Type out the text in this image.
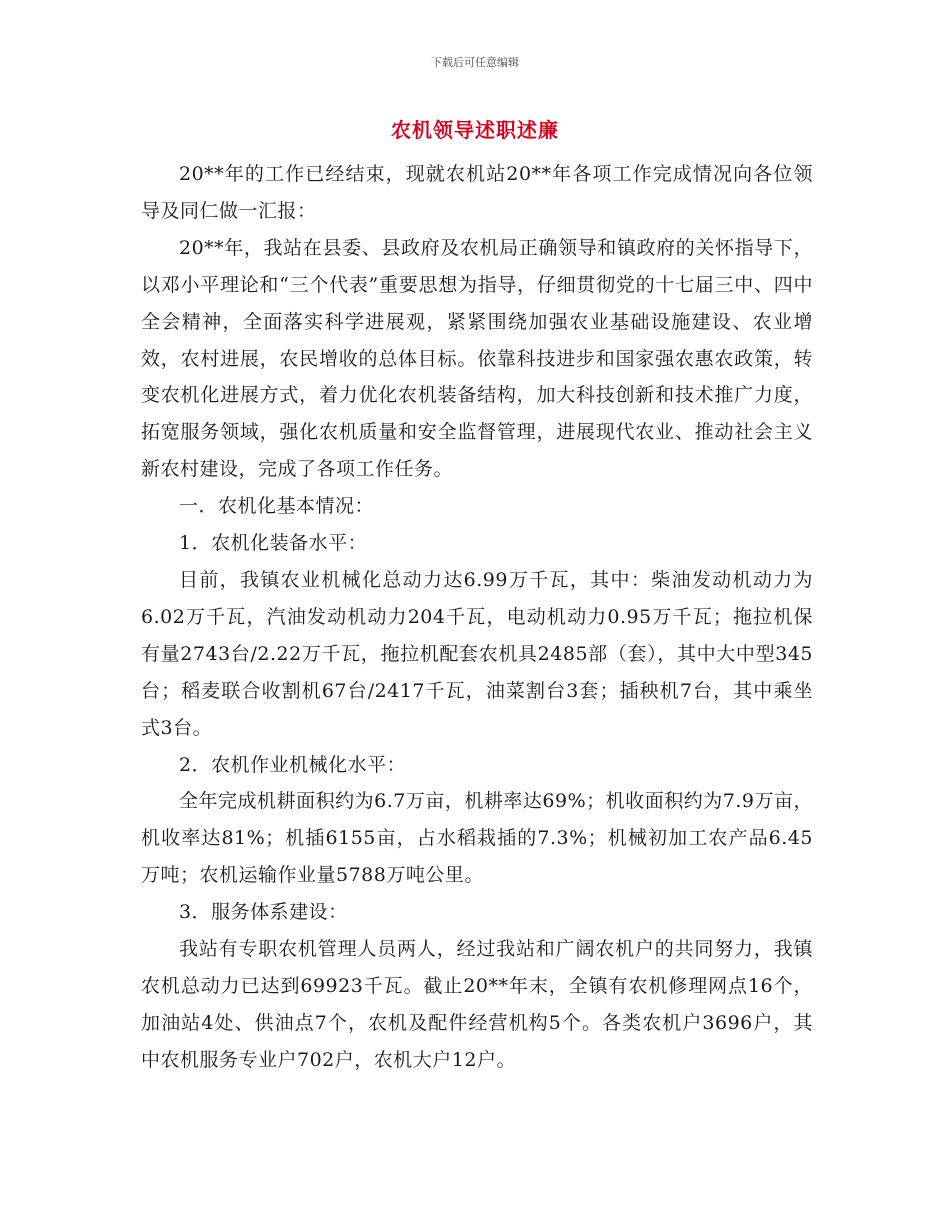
下载后可任意编辑
农机领导述职述廉

20**年的工作已经结束，现就农机站20**年各项工作完成情况向各位领导及同仁做一汇报：

20**年，我站在县委、县政府及农机局正确领导和镇政府的关怀指导下，以邓小平理论和“三个代表”重要思想为指导，仔细贯彻党的十七届三中、四中全会精神，全面落实科学进展观，紧紧围绕加强农业基础设施建设、农业增效，农村进展，农民增收的总体目标。依靠科技进步和国家强农惠农政策，转变农机化进展方式，着力优化农机装备结构，加大科技创新和技术推广力度，拓宽服务领域，强化农机质量和安全监督管理，进展现代农业、推动社会主义新农村建设，完成了各项工作任务。

一．农机化基本情况：

1．农机化装备水平：

目前，我镇农业机械化总动力达6.99万千瓦，其中：柴油发动机动力为6.02万千瓦，汽油发动机动力204千瓦，电动机动力0.95万千瓦；拖拉机保有量2743台/2.22万千瓦，拖拉机配套农机具2485部（套），其中大中型345台；稻麦联合收割机67台/2417千瓦，油菜割台3套；插秧机7台，其中乘坐式3台。

2．农机作业机械化水平：

全年完成机耕面积约为6.7万亩，机耕率达69%；机收面积约为7.9万亩，机收率达81%；机插6155亩，占水稻栽插的7.3%；机械初加工农产品6.45万吨；农机运输作业量5788万吨公里。

3．服务体系建设：

我站有专职农机管理人员两人，经过我站和广阔农机户的共同努力，我镇农机总动力已达到69923千瓦。截止20**年末，全镇有农机修理网点16个，加油站4处、供油点7个，农机及配件经营机构5个。各类农机户3696户，其中农机服务专业户702户，农机大户12户。
